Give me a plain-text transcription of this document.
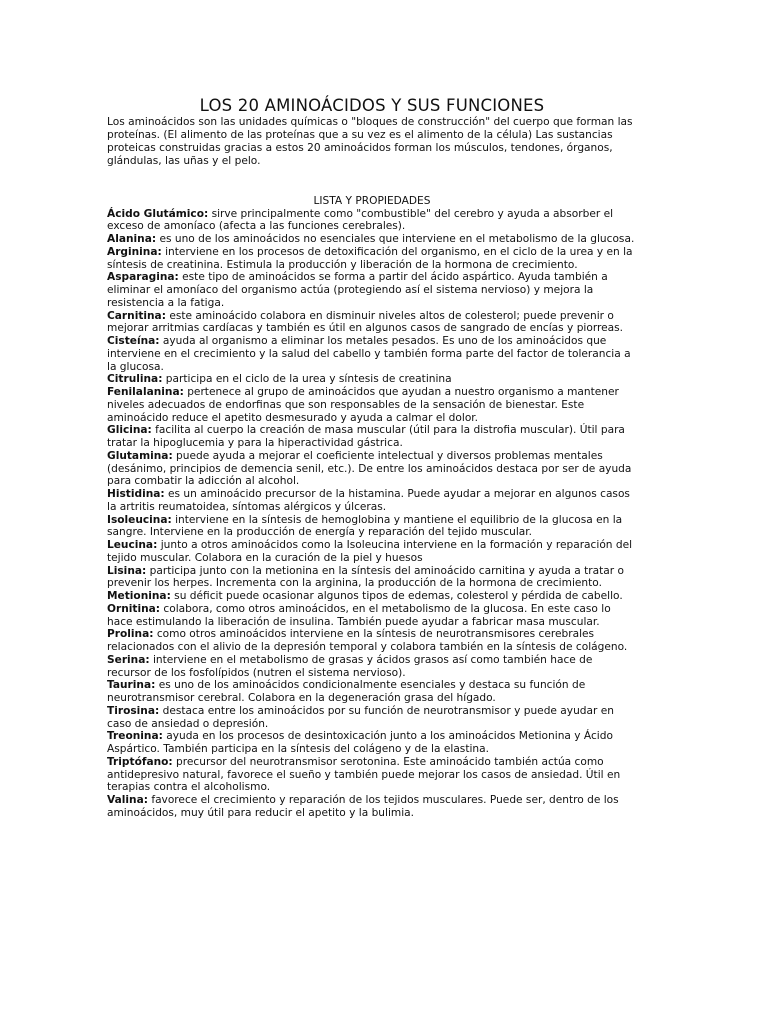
LOS 20 AMINOÁCIDOS Y SUS FUNCIONES

Los aminoácidos son las unidades químicas o "bloques de construcción" del cuerpo que forman las proteínas. (El alimento de las proteínas que a su vez es el alimento de la célula) Las sustancias proteicas construidas gracias a estos 20 aminoácidos forman los músculos, tendones, órganos, glándulas, las uñas y el pelo.

LISTA Y PROPIEDADES

Ácido Glutámico: sirve principalmente como "combustible" del cerebro y ayuda a absorber el exceso de amoníaco (afecta a las funciones cerebrales).
Alanina: es uno de los aminoácidos no esenciales que interviene en el metabolismo de la glucosa.
Arginina: interviene en los procesos de detoxificación del organismo, en el ciclo de la urea y en la síntesis de creatinina. Estimula la producción y liberación de la hormona de crecimiento.
Asparagina: este tipo de aminoácidos se forma a partir del ácido aspártico. Ayuda también a eliminar el amoníaco del organismo actúa (protegiendo así el sistema nervioso) y mejora la resistencia a la fatiga.
Carnitina: este aminoácido colabora en disminuir niveles altos de colesterol; puede prevenir o mejorar arritmias cardíacas y también es útil en algunos casos de sangrado de encías y piorreas.
Cisteína: ayuda al organismo a eliminar los metales pesados. Es uno de los aminoácidos que interviene en el crecimiento y la salud del cabello y también forma parte del factor de tolerancia a la glucosa.
Citrulina: participa en el ciclo de la urea y síntesis de creatinina
Fenilalanina: pertenece al grupo de aminoácidos que ayudan a nuestro organismo a mantener niveles adecuados de endorfinas que son responsables de la sensación de bienestar. Este aminoácido reduce el apetito desmesurado y ayuda a calmar el dolor.
Glicina: facilita al cuerpo la creación de masa muscular (útil para la distrofia muscular). Útil para tratar la hipoglucemia y para la hiperactividad gástrica.
Glutamina: puede ayuda a mejorar el coeficiente intelectual y diversos problemas mentales (desánimo, principios de demencia senil, etc.). De entre los aminoácidos destaca por ser de ayuda para combatir la adicción al alcohol.
Histidina: es un aminoácido precursor de la histamina. Puede ayudar a mejorar en algunos casos la artritis reumatoidea, síntomas alérgicos y úlceras.
Isoleucina: interviene en la síntesis de hemoglobina y mantiene el equilibrio de la glucosa en la sangre. Interviene en la producción de energía y reparación del tejido muscular.
Leucina: junto a otros aminoácidos como la Isoleucina interviene en la formación y reparación del tejido muscular. Colabora en la curación de la piel y huesos
Lisina: participa junto con la metionina en la síntesis del aminoácido carnitina y ayuda a tratar o prevenir los herpes. Incrementa con la arginina, la producción de la hormona de crecimiento.
Metionina: su déficit puede ocasionar algunos tipos de edemas, colesterol y pérdida de cabello.
Ornitina: colabora, como otros aminoácidos, en el metabolismo de la glucosa. En este caso lo hace estimulando la liberación de insulina. También puede ayudar a fabricar masa muscular.
Prolina: como otros aminoácidos interviene en la síntesis de neurotransmisores cerebrales relacionados con el alivio de la depresión temporal y colabora también en la síntesis de colágeno.
Serina: interviene en el metabolismo de grasas y ácidos grasos así como también hace de recursor de los fosfolípidos (nutren el sistema nervioso).
Taurina: es uno de los aminoácidos condicionalmente esenciales y destaca su función de neurotransmisor cerebral. Colabora en la degeneración grasa del hígado.
Tirosina: destaca entre los aminoácidos por su función de neurotransmisor y puede ayudar en caso de ansiedad o depresión.
Treonina: ayuda en los procesos de desintoxicación junto a los aminoácidos Metionina y Ácido Aspártico. También participa en la síntesis del colágeno y de la elastina.
Triptófano: precursor del neurotransmisor serotonina. Este aminoácido también actúa como antidepresivo natural, favorece el sueño y también puede mejorar los casos de ansiedad. Útil en terapias contra el alcoholismo.
Valina: favorece el crecimiento y reparación de los tejidos musculares. Puede ser, dentro de los aminoácidos, muy útil para reducir el apetito y la bulimia.
